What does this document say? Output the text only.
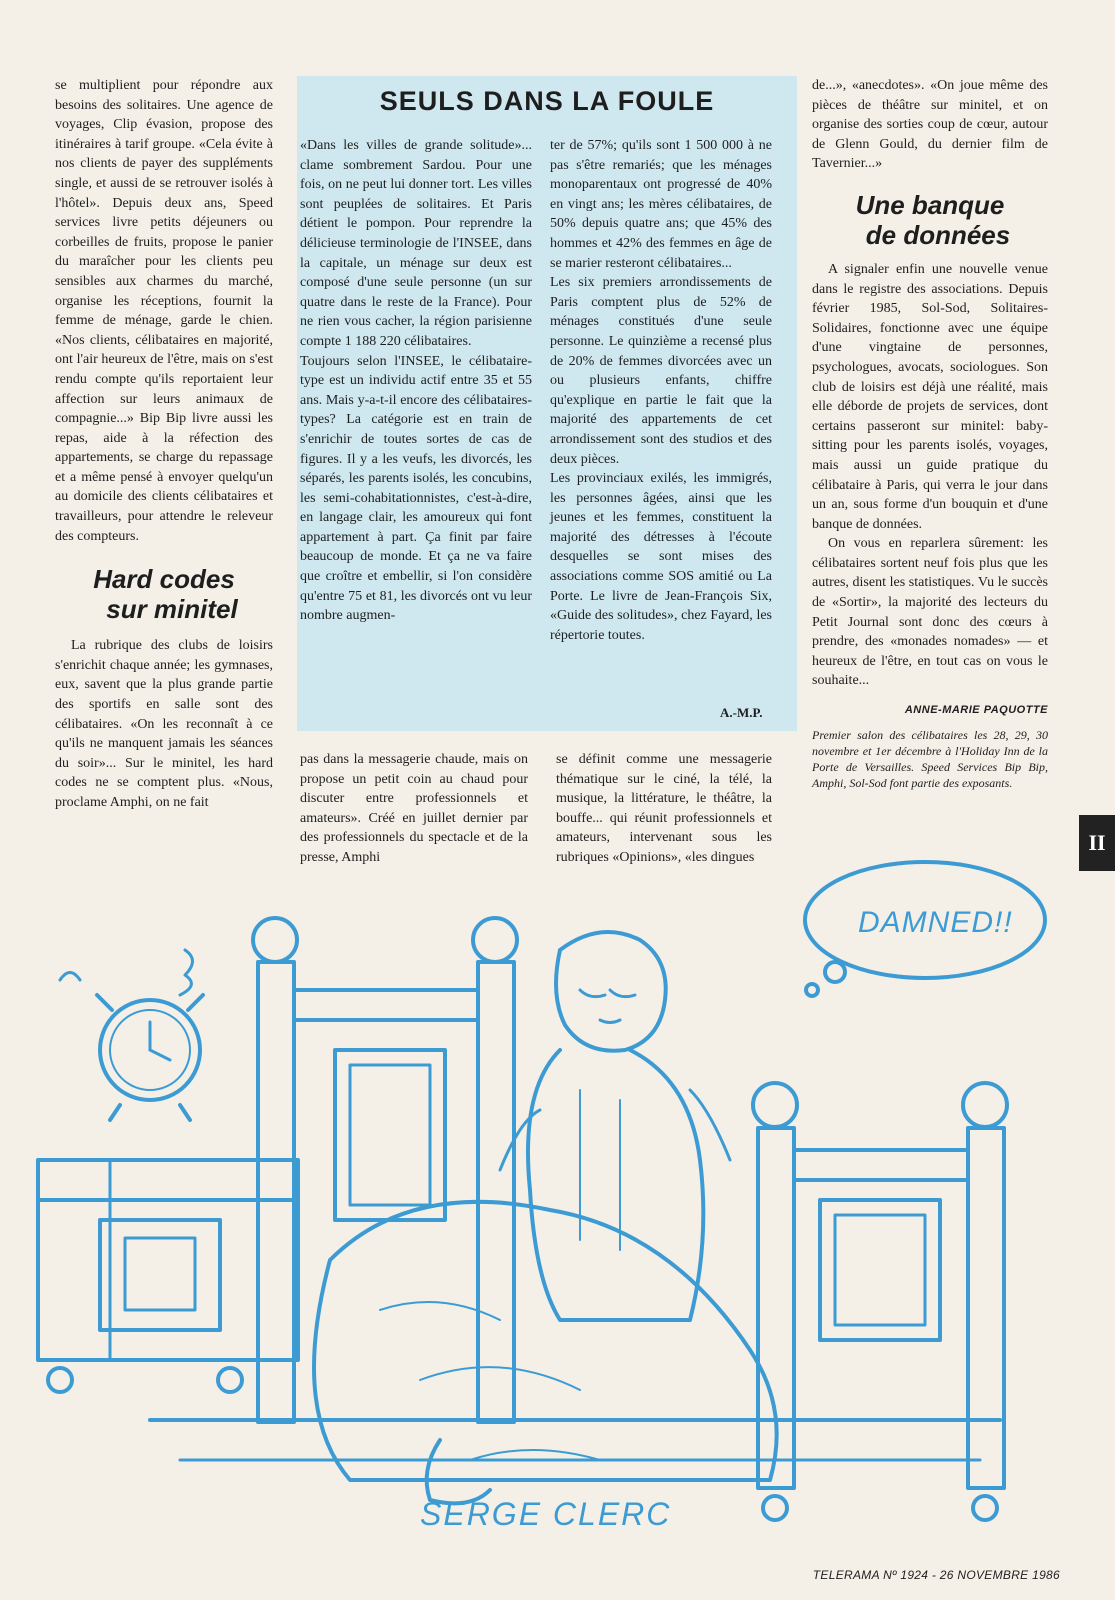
se multiplient pour répondre aux besoins des solitaires. Une agence de voyages, Clip évasion, propose des itinéraires à tarif groupe. «Cela évite à nos clients de payer des suppléments single, et aussi de se retrouver isolés à l'hôtel». Depuis deux ans, Speed services livre petits déjeuners ou corbeilles de fruits, propose le panier du maraîcher pour les clients peu sensibles aux charmes du marché, organise les réceptions, fournit la femme de ménage, garde le chien. «Nos clients, célibataires en majorité, ont l'air heureux de l'être, mais on s'est rendu compte qu'ils reportaient leur affection sur leurs animaux de compagnie...» Bip Bip livre aussi les repas, aide à la réfection des appartements, se charge du repassage et a même pensé à envoyer quelqu'un au domicile des clients célibataires et travailleurs, pour attendre le releveur des compteurs.

Hard codes

sur minitel

La rubrique des clubs de loisirs s'enrichit chaque année; les gymnases, eux, savent que la plus grande partie des sportifs en salle sont des célibataires. «On les reconnaît à ce qu'ils ne manquent jamais les séances du soir»... Sur le minitel, les hard codes ne se comptent plus. «Nous, proclame Amphi, on ne fait

SEULS DANS LA FOULE

«Dans les villes de grande solitude»... clame sombrement Sardou. Pour une fois, on ne peut lui donner tort. Les villes sont peuplées de solitaires. Et Paris détient le pompon. Pour reprendre la délicieuse terminologie de l'INSEE, dans la capitale, un ménage sur deux est composé d'une seule personne (un sur quatre dans le reste de la France). Pour ne rien vous cacher, la région parisienne compte 1 188 220 célibataires.

Toujours selon l'INSEE, le célibataire-type est un individu actif entre 35 et 55 ans. Mais y-a-t-il encore des célibataires-types? La catégorie est en train de s'enrichir de toutes sortes de cas de figures. Il y a les veufs, les divorcés, les séparés, les parents isolés, les concubins, les semi-cohabitationnistes, c'est-à-dire, en langage clair, les amoureux qui font appartement à part. Ça finit par faire beaucoup de monde. Et ça ne va faire que croître et embellir, si l'on considère qu'entre 75 et 81, les divorcés ont vu leur nombre augmen-

ter de 57%; qu'ils sont 1 500 000 à ne pas s'être remariés; que les ménages monoparentaux ont progressé de 40% en vingt ans; les mères célibataires, de 50% depuis quatre ans; que 45% des hommes et 42% des femmes en âge de se marier resteront célibataires...

Les six premiers arrondissements de Paris comptent plus de 52% de ménages constitués d'une seule personne. Le quinzième a recensé plus de 20% de femmes divorcées avec un ou plusieurs enfants, chiffre qu'explique en partie le fait que la majorité des appartements de cet arrondissement sont des studios et des deux pièces.

Les provinciaux exilés, les immigrés, les personnes âgées, ainsi que les jeunes et les femmes, constituent la majorité des détresses à l'écoute desquelles se sont mises des associations comme SOS amitié ou La Porte. Le livre de Jean-François Six, «Guide des solitudes», chez Fayard, les répertorie toutes.

A.-M.P.

pas dans la messagerie chaude, mais on propose un petit coin au chaud pour discuter entre professionnels et amateurs». Créé en juillet dernier par des professionnels du spectacle et de la presse, Amphi

se définit comme une messagerie thématique sur le ciné, la télé, la musique, la littérature, le théâtre, la bouffe... qui réunit professionnels et amateurs, intervenant sous les rubriques «Opinions», «les dingues

de...», «anecdotes». «On joue même des pièces de théâtre sur minitel, et on organise des sorties coup de cœur, autour de Glenn Gould, du dernier film de Tavernier...»

Une banque

de données

A signaler enfin une nouvelle venue dans le registre des associations. Depuis février 1985, Sol-Sod, Solitaires-Solidaires, fonctionne avec une équipe d'une vingtaine de personnes, psychologues, avocats, sociologues. Son club de loisirs est déjà une réalité, mais elle déborde de projets de services, dont certains passeront sur minitel: baby-sitting pour les parents isolés, voyages, mais aussi un guide pratique du célibataire à Paris, qui verra le jour dans un an, sous forme d'un bouquin et d'une banque de données.

On vous en reparlera sûrement: les célibataires sortent neuf fois plus que les autres, disent les statistiques. Vu le succès de «Sortir», la majorité des lecteurs du Petit Journal sont donc des cœurs à prendre, des «monades nomades» — et heureux de l'être, en tout cas on vous le souhaite...

ANNE-MARIE PAQUOTTE
Premier salon des célibataires les 28, 29, 30 novembre et 1er décembre à l'Holiday Inn de la Porte de Versailles. Speed Services Bip Bip, Amphi, Sol-Sod font partie des exposants.
II
DAMNED!!
SERGE CLERC
TELERAMA Nº 1924 - 26 NOVEMBRE 1986
